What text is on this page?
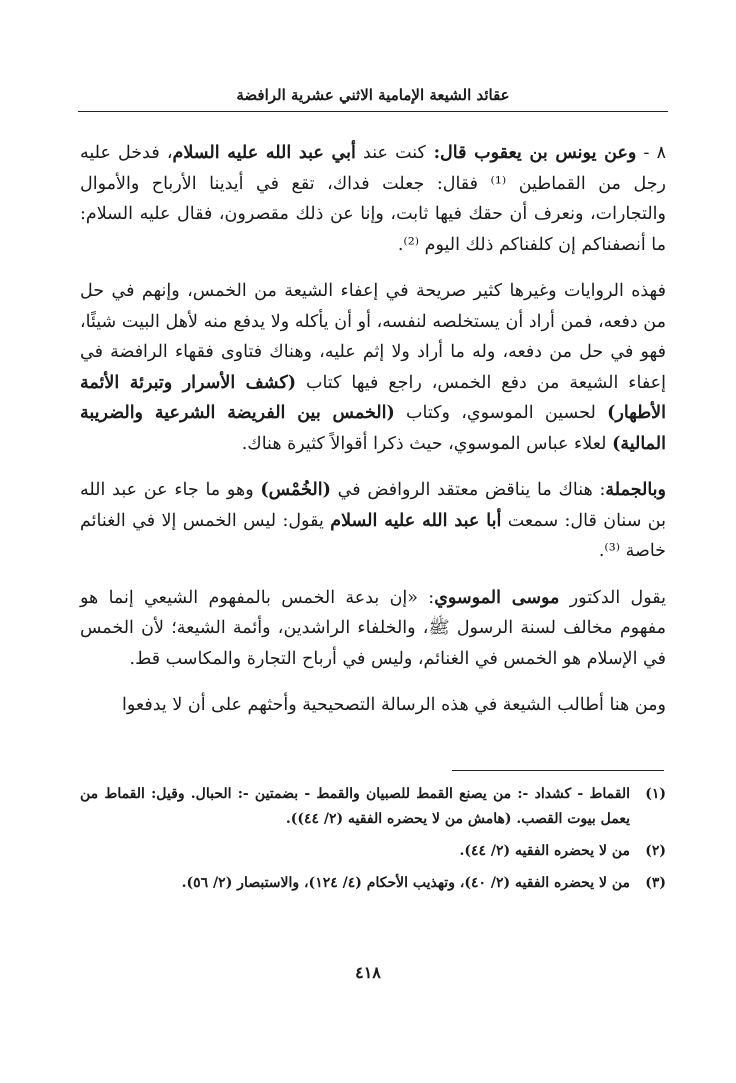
عقائد الشيعة الإمامية الاثني عشرية الرافضة

٨ - وعن يونس بن يعقوب قال: كنت عند أبي عبد الله عليه السلام، فدخل عليه رجل من القماطين ⁽¹⁾ فقال: جعلت فداك، تقع في أيدينا الأرباح والأموال والتجارات، ونعرف أن حقك فيها ثابت، وإنا عن ذلك مقصرون، فقال عليه السلام: ما أنصفناكم إن كلفناكم ذلك اليوم ⁽²⁾.

فهذه الروايات وغيرها كثير صريحة في إعفاء الشيعة من الخمس، وإنهم في حل من دفعه، فمن أراد أن يستخلصه لنفسه، أو أن يأكله ولا يدفع منه لأهل البيت شيئًا، فهو في حل من دفعه، وله ما أراد ولا إثم عليه، وهناك فتاوى فقهاء الرافضة في إعفاء الشيعة من دفع الخمس، راجع فيها كتاب (كشف الأسرار وتبرئة الأئمة الأطهار) لحسين الموسوي، وكتاب (الخمس بين الفريضة الشرعية والضريبة المالية) لعلاء عباس الموسوي، حيث ذكرا أقوالاً كثيرة هناك.

وبالجملة: هناك ما يناقض معتقد الروافض في (الخُمْس) وهو ما جاء عن عبد الله بن سنان قال: سمعت أبا عبد الله عليه السلام يقول: ليس الخمس إلا في الغنائم خاصة ⁽³⁾.

يقول الدكتور موسى الموسوي: «إن بدعة الخمس بالمفهوم الشيعي إنما هو مفهوم مخالف لسنة الرسول ﷺ، والخلفاء الراشدين، وأئمة الشيعة؛ لأن الخمس في الإسلام هو الخمس في الغنائم، وليس في أرباح التجارة والمكاسب قط.

ومن هنا أطالب الشيعة في هذه الرسالة التصحيحية وأحثهم على أن لا يدفعوا

(١)
القماط - كشداد -: من يصنع القمط للصبيان والقمط - بضمتين -: الحبال. وقيل: القماط من يعمل بيوت القصب. (هامش من لا يحضره الفقيه (٢/ ٤٤)).
(٢)
من لا يحضره الفقيه (٢/ ٤٤).
(٣)
من لا يحضره الفقيه (٢/ ٤٠)، وتهذيب الأحكام (٤/ ١٢٤)، والاستبصار (٢/ ٥٦).
٤١٨
